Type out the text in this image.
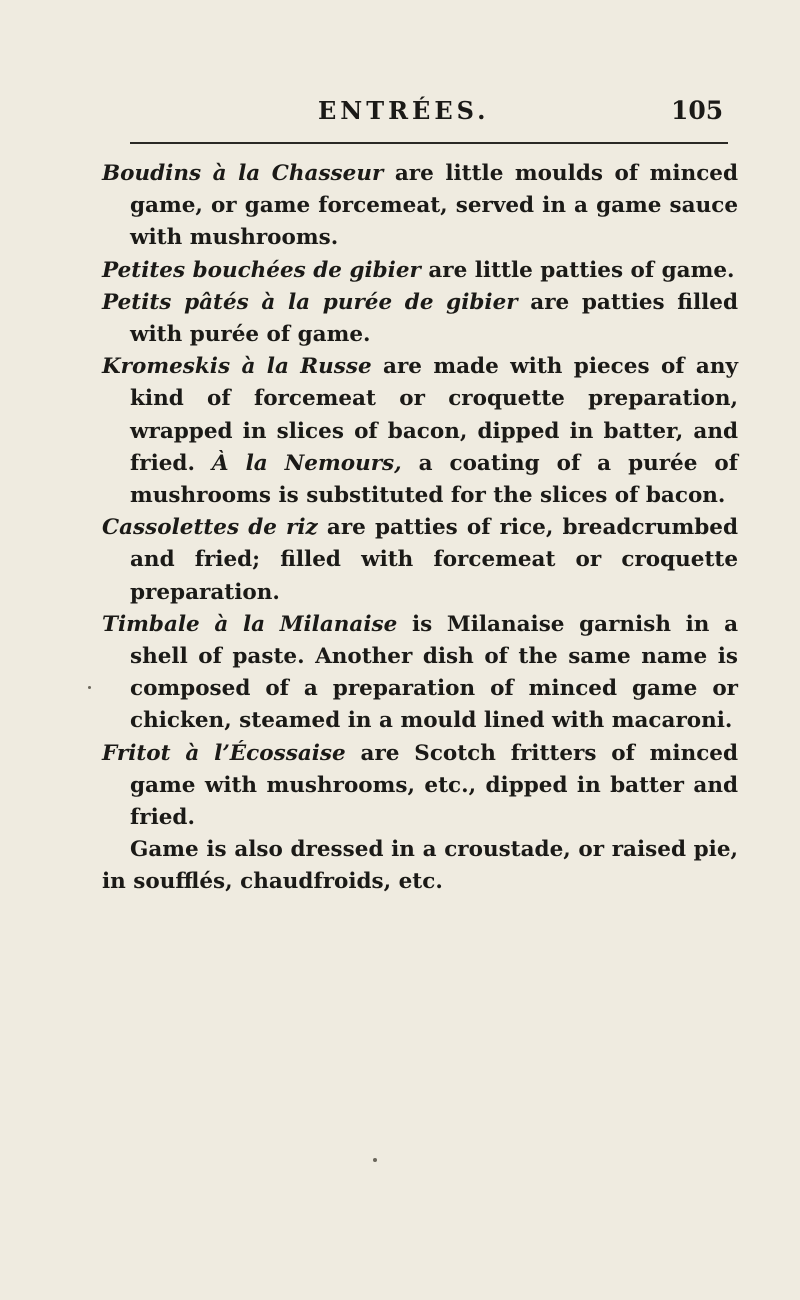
ENTRÉES.	105

Boudins à la Chasseur are little moulds of minced game, or game forcemeat, served in a game sauce with mushrooms.

Petites bouchées de gibier are little patties of game.

Petits pâtés à la purée de gibier are patties filled with purée of game.

Kromeskis à la Russe are made with pieces of any kind of forcemeat or croquette preparation, wrapped in slices of bacon, dipped in batter, and fried. À la Nemours, a coating of a purée of mushrooms is substituted for the slices of bacon.

Cassolettes de riz are patties of rice, breadcrumbed and fried; filled with forcemeat or croquette preparation.

Timbale à la Milanaise is Milanaise garnish in a shell of paste. Another dish of the same name is composed of a preparation of minced game or chicken, steamed in a mould lined with macaroni.

Fritot à l’Écossaise are Scotch fritters of minced game with mushrooms, etc., dipped in batter and fried.

Game is also dressed in a croustade, or raised pie, in soufflés, chaudfroids, etc.
